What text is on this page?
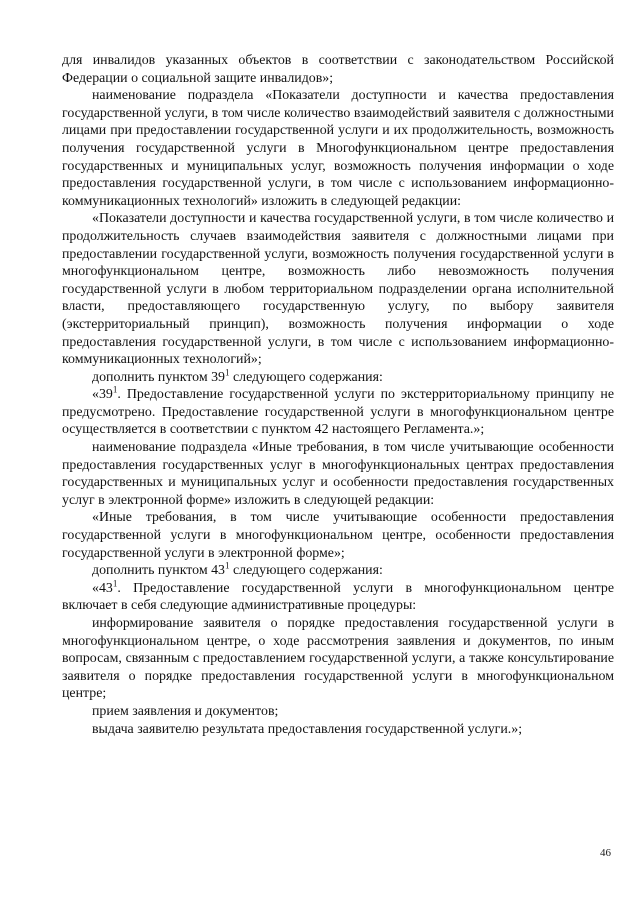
для инвалидов указанных объектов в соответствии с законодательством Российской Федерации о социальной защите инвалидов»;

наименование подраздела «Показатели доступности и качества предоставления государственной услуги, в том числе количество взаимодействий заявителя с должностными лицами при предоставлении государственной услуги и их продолжительность, возможность получения государственной услуги в Многофункциональном центре предоставления государственных и муниципальных услуг, возможность получения информации о ходе предоставления государственной услуги, в том числе с использованием информационно-коммуникационных технологий» изложить в следующей редакции:

«Показатели доступности и качества государственной услуги, в том числе количество и продолжительность случаев взаимодействия заявителя с должностными лицами при предоставлении государственной услуги, возможность получения государственной услуги в многофункциональном центре, возможность либо невозможность получения государственной услуги в любом территориальном подразделении органа исполнительной власти, предоставляющего государственную услугу, по выбору заявителя (экстерриториальный принцип), возможность получения информации о ходе предоставления государственной услуги, в том числе с использованием информационно-коммуникационных технологий»;

дополнить пунктом $39^1$ следующего содержания:

«$39^1$. Предоставление государственной услуги по экстерриториальному принципу не предусмотрено. Предоставление государственной услуги в многофункциональном центре осуществляется в соответствии с пунктом 42 настоящего Регламента.»;

наименование подраздела «Иные требования, в том числе учитывающие особенности предоставления государственных услуг в многофункциональных центрах предоставления государственных и муниципальных услуг и особенности предоставления государственных услуг в электронной форме» изложить в следующей редакции:

«Иные требования, в том числе учитывающие особенности предоставления государственной услуги в многофункциональном центре, особенности предоставления государственной услуги в электронной форме»;

дополнить пунктом $43^1$ следующего содержания:

«$43^1$. Предоставление государственной услуги в многофункциональном центре включает в себя следующие административные процедуры:

информирование заявителя о порядке предоставления государственной услуги в многофункциональном центре, о ходе рассмотрения заявления и документов, по иным вопросам, связанным с предоставлением государственной услуги, а также консультирование заявителя о порядке предоставления государственной услуги в многофункциональном центре;

прием заявления и документов;

выдача заявителю результата предоставления государственной услуги.»;

46
